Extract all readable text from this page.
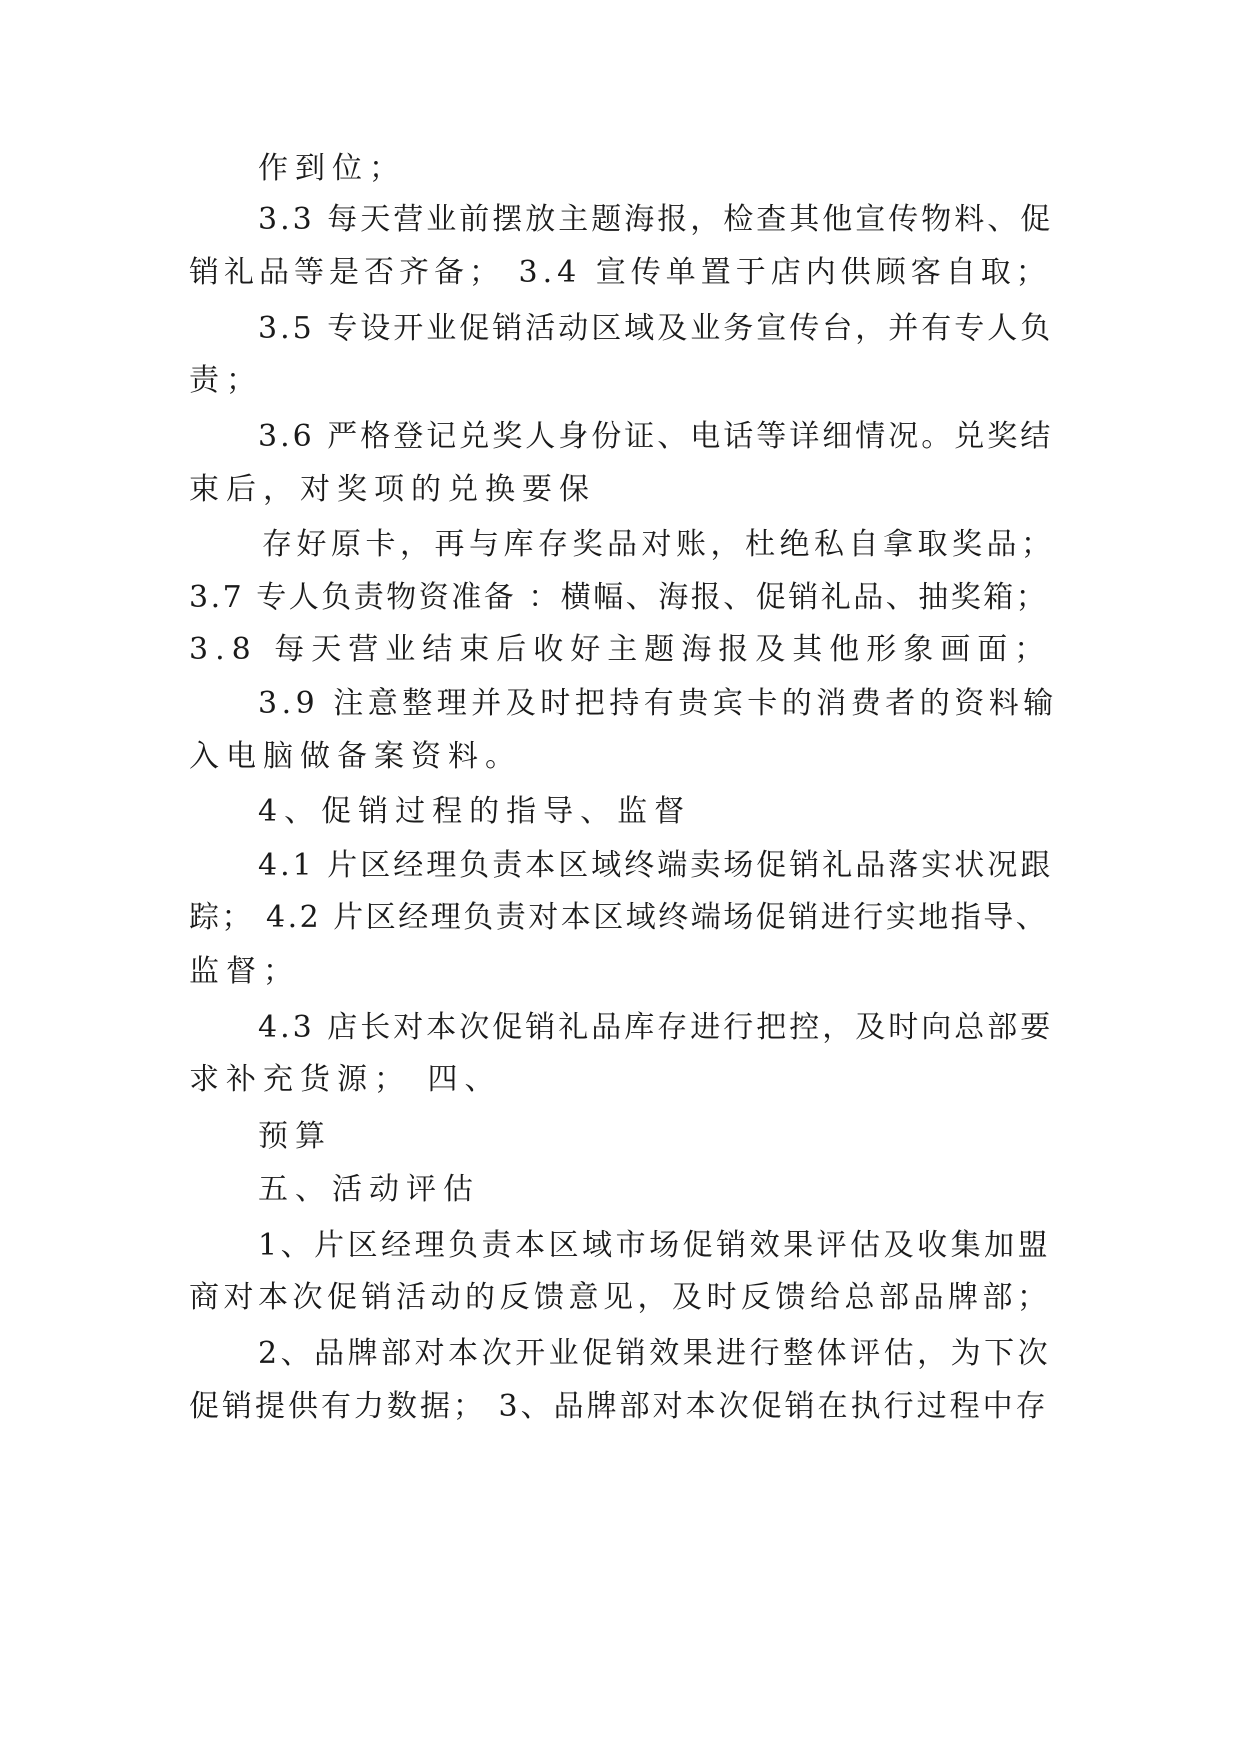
作到位；
3.3 每天营业前摆放主题海报，检查其他宣传物料、促
销礼品等是否齐备； 3.4 宣传单置于店内供顾客自取；
3.5 专设开业促销活动区域及业务宣传台，并有专人负
责；
3.6 严格登记兑奖人身份证、电话等详细情况。兑奖结
束后，对奖项的兑换要保
存好原卡，再与库存奖品对账，杜绝私自拿取奖品；
3.7 专人负责物资准备 ：横幅、海报、促销礼品、抽奖箱；
3.8 每天营业结束后收好主题海报及其他形象画面；
3.9 注意整理并及时把持有贵宾卡的消费者的资料输
入电脑做备案资料。
4、促销过程的指导、监督
4.1 片区经理负责本区域终端卖场促销礼品落实状况跟
踪； 4.2 片区经理负责对本区域终端场促销进行实地指导、
监督；
4.3 店长对本次促销礼品库存进行把控，及时向总部要
求补充货源； 四、
预算
五、活动评估
1、片区经理负责本区域市场促销效果评估及收集加盟
商对本次促销活动的反馈意见，及时反馈给总部品牌部；
2、品牌部对本次开业促销效果进行整体评估，为下次
促销提供有力数据； 3、品牌部对本次促销在执行过程中存
